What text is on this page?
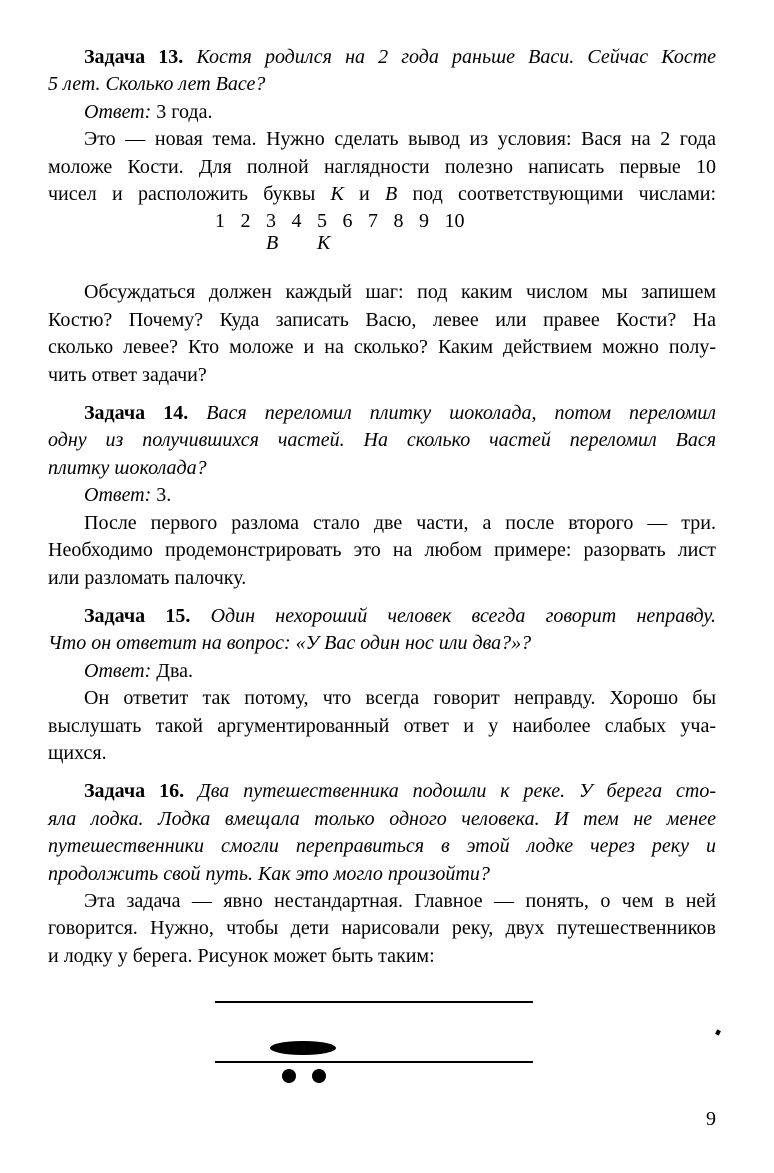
Задача 13. Костя родился на 2 года раньше Васи. Сейчас Косте
5 лет. Сколько лет Васе?
Ответ: 3 года.
Это — новая тема. Нужно сделать вывод из условия: Вася на 2 года
моложе Кости. Для полной наглядности полезно написать первые 10
чисел и расположить буквы К и В под соответствующими числами:

1 2 3 4 5 6 7 8 9 10
В	К

Обсуждаться должен каждый шаг: под каким числом мы запишем
Костю? Почему? Куда записать Васю, левее или правее Кости? На
сколько левее? Кто моложе и на сколько? Каким действием можно полу-
чить ответ задачи?

Задача 14. Вася переломил плитку шоколада, потом переломил
одну из получившихся частей. На сколько частей переломил Вася
плитку шоколада?
Ответ: 3.
После первого разлома стало две части, а после второго — три.
Необходимо продемонстрировать это на любом примере: разорвать лист
или разломать палочку.

Задача 15. Один нехороший человек всегда говорит неправду.
Что он ответит на вопрос: «У Вас один нос или два?»?
Ответ: Два.
Он ответит так потому, что всегда говорит неправду. Хорошо бы
выслушать такой аргументированный ответ и у наиболее слабых уча-
щихся.

Задача 16. Два путешественника подошли к реке. У берега сто-
яла лодка. Лодка вмещала только одного человека. И тем не менее
путешественники смогли переправиться в этой лодке через реку и
продолжить свой путь. Как это могло произойти?
Эта задача — явно нестандартная. Главное — понять, о чем в ней
говорится. Нужно, чтобы дети нарисовали реку, двух путешественников
и лодку у берега. Рисунок может быть таким:

9
